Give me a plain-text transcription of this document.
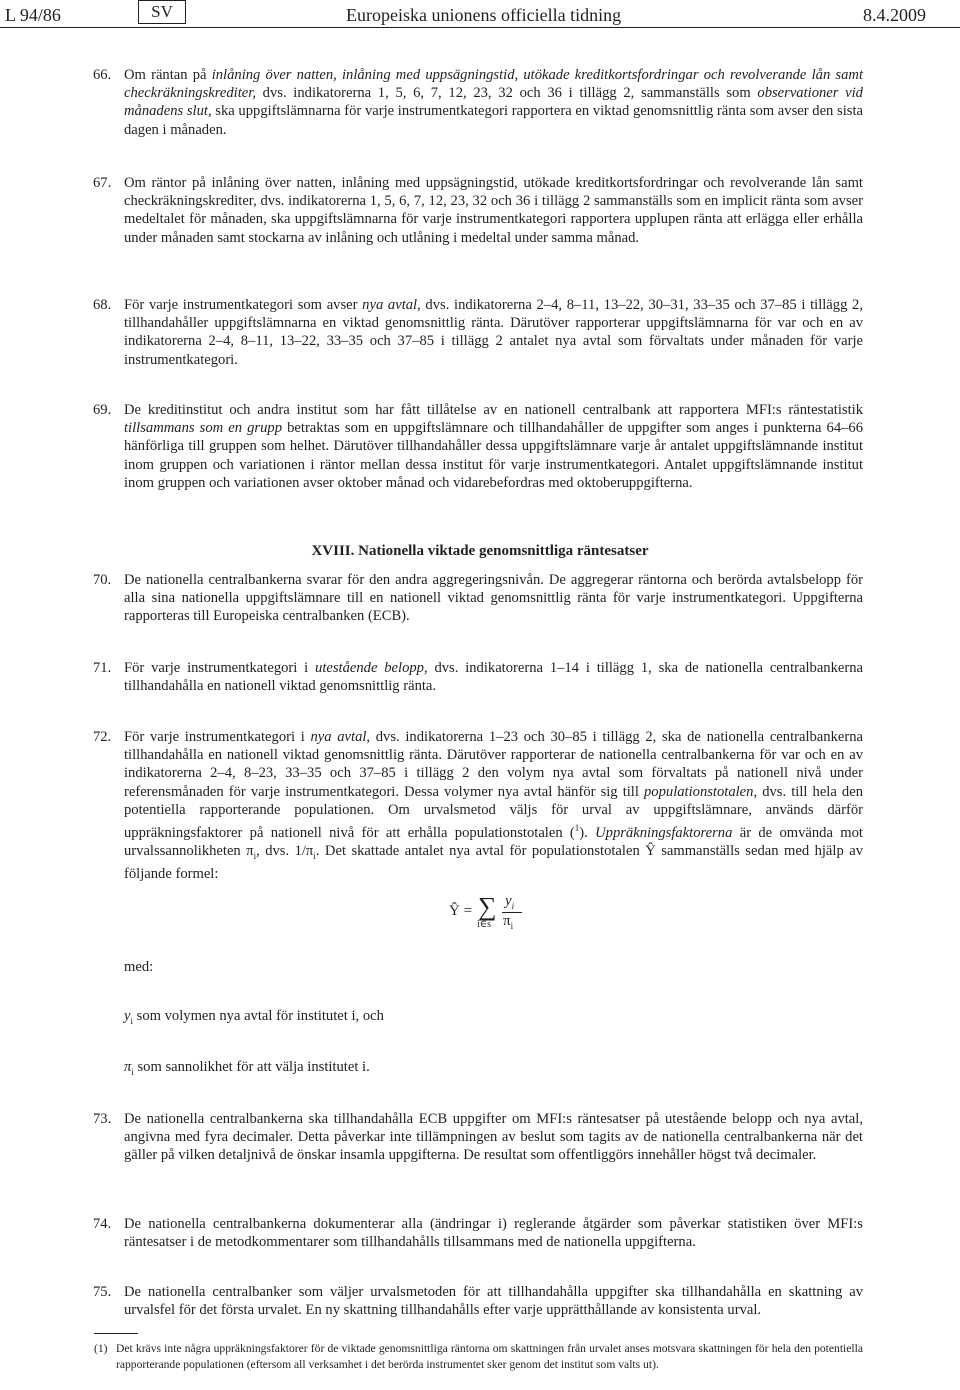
L 94/86	SV	Europeiska unionens officiella tidning	8.4.2009
66. Om räntan på inlåning över natten, inlåning med uppsägningstid, utökade kreditkortsfordringar och revolverande lån samt checkräkningskrediter, dvs. indikatorerna 1, 5, 6, 7, 12, 23, 32 och 36 i tillägg 2, sammanställs som observationer vid månadens slut, ska uppgiftslämnarna för varje instrumentkategori rapportera en viktad genomsnittlig ränta som avser den sista dagen i månaden.
67. Om räntor på inlåning över natten, inlåning med uppsägningstid, utökade kreditkortsfordringar och revolverande lån samt checkräkningskrediter, dvs. indikatorerna 1, 5, 6, 7, 12, 23, 32 och 36 i tillägg 2 sammanställs som en implicit ränta som avser medeltalet för månaden, ska uppgiftslämnarna för varje instrumentkategori rapportera upplupen ränta att erlägga eller erhålla under månaden samt stockarna av inlåning och utlåning i medeltal under samma månad.
68. För varje instrumentkategori som avser nya avtal, dvs. indikatorerna 2–4, 8–11, 13–22, 30–31, 33–35 och 37–85 i tillägg 2, tillhandahåller uppgiftslämnarna en viktad genomsnittlig ränta. Därutöver rapporterar uppgiftslämnarna för var och en av indikatorerna 2–4, 8–11, 13–22, 33–35 och 37–85 i tillägg 2 antalet nya avtal som förvaltats under månaden för varje instrumentkategori.
69. De kreditinstitut och andra institut som har fått tillåtelse av en nationell centralbank att rapportera MFI:s räntestatistik tillsammans som en grupp betraktas som en uppgiftslämnare och tillhandahåller de uppgifter som anges i punkterna 64–66 hänförliga till gruppen som helhet. Därutöver tillhandahåller dessa uppgiftslämnare varje år antalet uppgiftslämnande institut inom gruppen och variationen i räntor mellan dessa institut för varje instrumentkategori. Antalet uppgiftslämnande institut inom gruppen och variationen avser oktober månad och vidarebefordras med oktoberuppgifterna.
XVIII. Nationella viktade genomsnittliga räntesatser
70. De nationella centralbankerna svarar för den andra aggregeringsnivån. De aggregerar räntorna och berörda avtalsbelopp för alla sina nationella uppgiftslämnare till en nationell viktad genomsnittlig ränta för varje instrumentkategori. Uppgifterna rapporteras till Europeiska centralbanken (ECB).
71. För varje instrumentkategori i utestående belopp, dvs. indikatorerna 1–14 i tillägg 1, ska de nationella centralbankerna tillhandahålla en nationell viktad genomsnittlig ränta.
72. För varje instrumentkategori i nya avtal, dvs. indikatorerna 1–23 och 30–85 i tillägg 2, ska de nationella centralbankerna tillhandahålla en nationell viktad genomsnittlig ränta. Därutöver rapporterar de nationella centralbankerna för var och en av indikatorerna 2–4, 8–23, 33–35 och 37–85 i tillägg 2 den volym nya avtal som förvaltats på nationell nivå under referensmånaden för varje instrumentkategori. Dessa volymer nya avtal hänför sig till populationstotalen, dvs. till hela den potentiella rapporterande populationen. Om urvalsmetod väljs för urval av uppgiftslämnare, används därför uppräkningsfaktorer på nationell nivå för att erhålla populationstotalen ($^1$). Uppräkningsfaktorerna är de omvända mot urvalssannolikheten $\pi_i$, dvs. $1/\pi_i$. Det skattade antalet nya avtal för populationstotalen Ŷ sammanställs sedan med hjälp av följande formel:
Ŷ = ∑
i∈s
$y_i$
$\pi_i$
med:
$y_i$ som volymen nya avtal för institutet i, och
$\pi_i$ som sannolikhet för att välja institutet i.
73. De nationella centralbankerna ska tillhandahålla ECB uppgifter om MFI:s räntesatser på utestående belopp och nya avtal, angivna med fyra decimaler. Detta påverkar inte tillämpningen av beslut som tagits av de nationella centralbankerna när det gäller på vilken detaljnivå de önskar insamla uppgifterna. De resultat som offentliggörs innehåller högst två decimaler.
74. De nationella centralbankerna dokumenterar alla (ändringar i) reglerande åtgärder som påverkar statistiken över MFI:s räntesatser i de metodkommentarer som tillhandahålls tillsammans med de nationella uppgifterna.
75. De nationella centralbanker som väljer urvalsmetoden för att tillhandahålla uppgifter ska tillhandahålla en skattning av urvalsfel för det första urvalet. En ny skattning tillhandahålls efter varje upprätthållande av konsistenta urval.
(1) Det krävs inte några uppräkningsfaktorer för de viktade genomsnittliga räntorna om skattningen från urvalet anses motsvara skattningen för hela den potentiella rapporterande populationen (eftersom all verksamhet i det berörda instrumentet sker genom det institut som valts ut).
